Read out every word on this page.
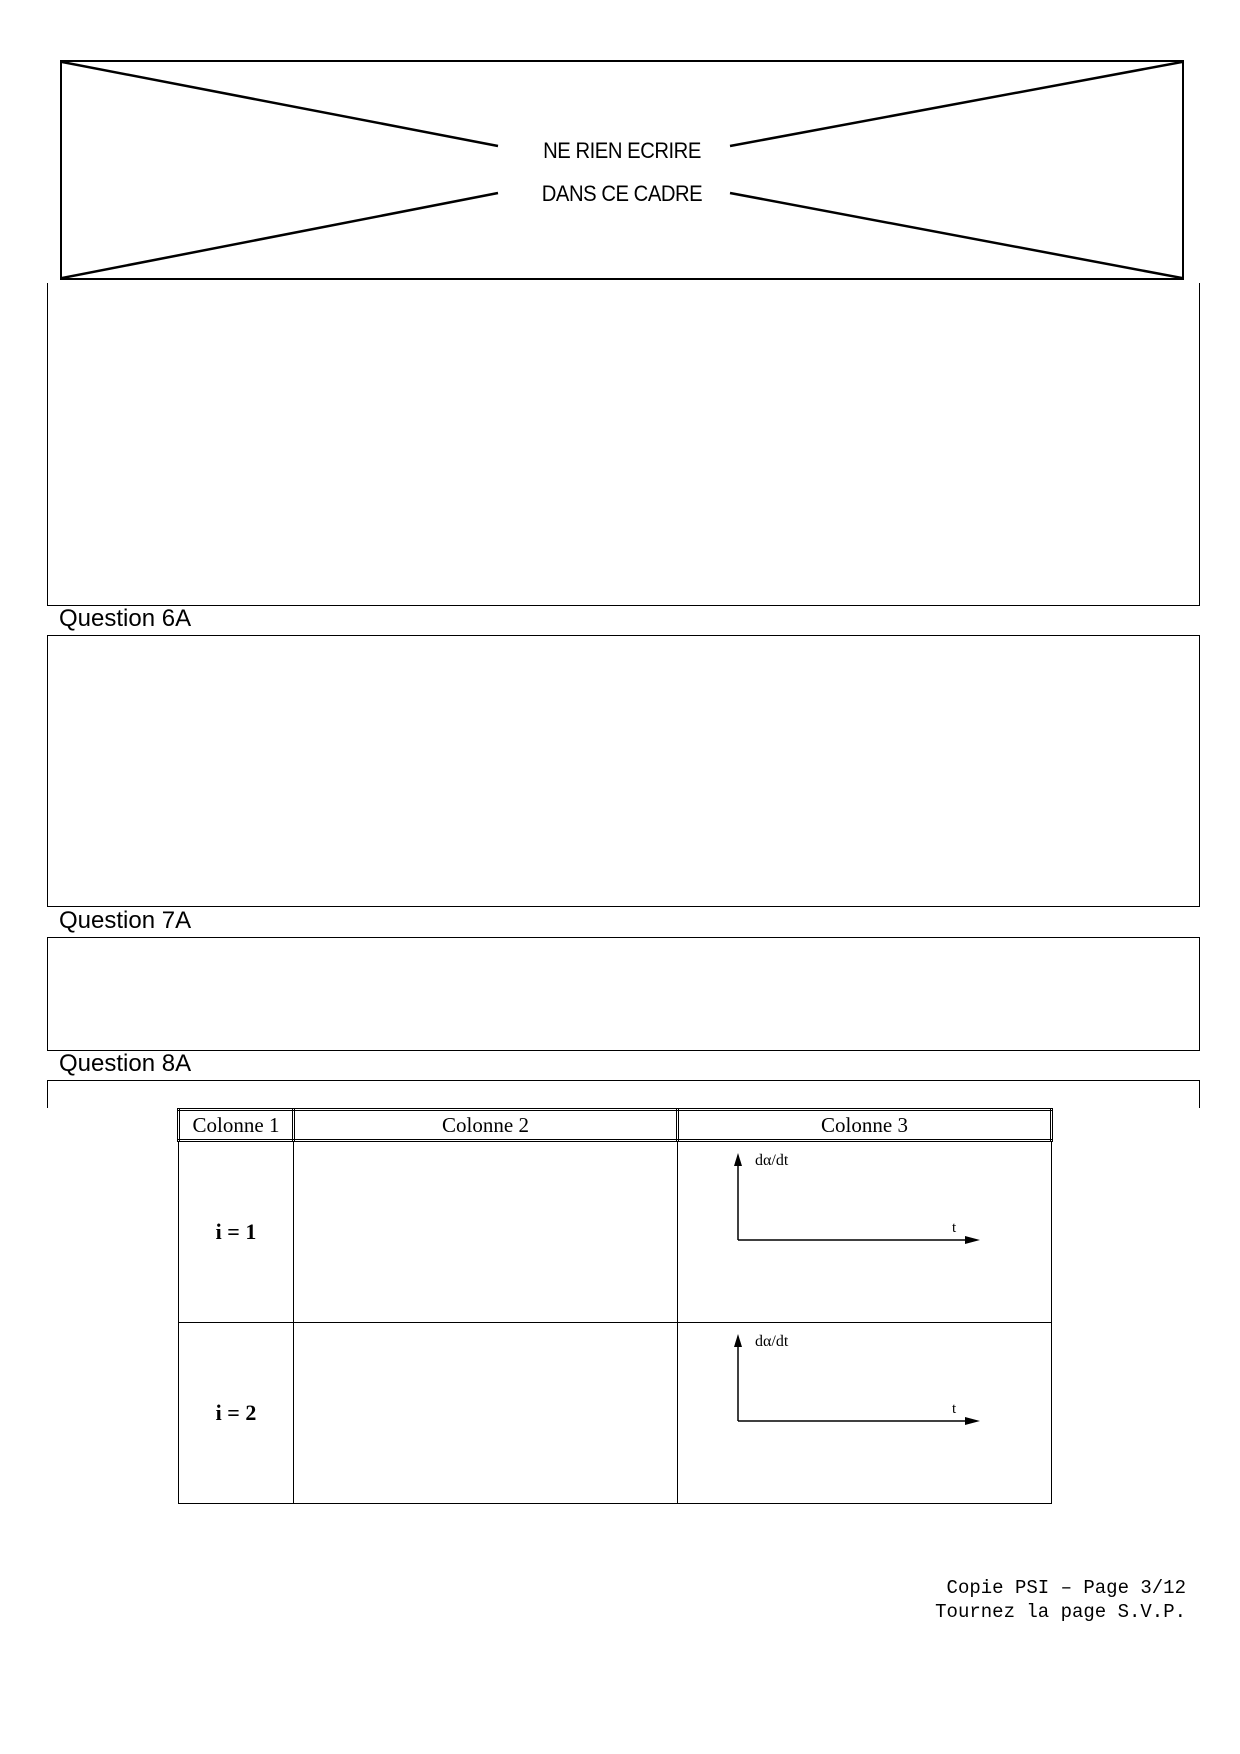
NE RIEN ECRIRE
DANS CE CADRE
Question 6A
Question 7A
Question 8A
Colonne 1	Colonne 2	Colonne 3
i = 1		dα/dt
t

i = 2		dα/dt
t
Copie PSI – Page 3/12
Tournez la page S.V.P.
